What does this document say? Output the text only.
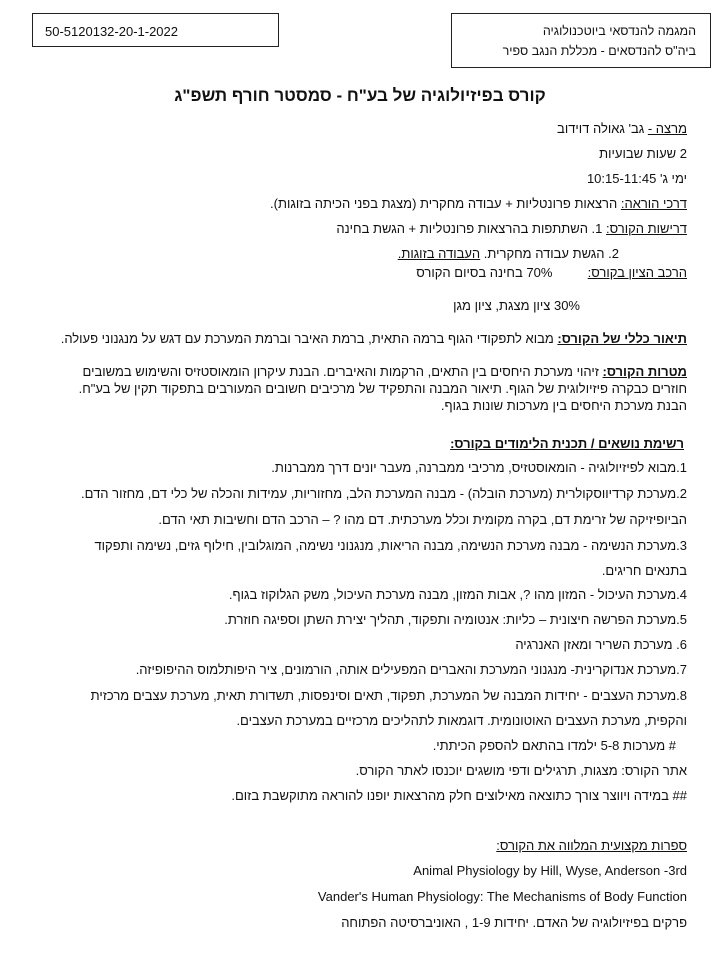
50-5120132-20-1-2022	המגמה להנדסאי ביוטכנולוגיה
ביה"ס להנדסאים - מכללת הנגב ספיר
קורס בפיזיולוגיה של בע"ח - סמסטר חורף תשפ"ג
מרצה - גב' גאולה דוידוב
2 שעות שבועיות
ימי ג' 10:15-11:45
דרכי הוראה: הרצאות פרונטליות + עבודה מחקרית (מצגת בפני הכיתה בזוגות).
דרישות הקורס: 1. השתתפות בהרצאות פרונטליות + הגשת בחינה
2. הגשת עבודה מחקרית. העבודה בזוגות.
הרכב הציון בקורס:  70% בחינה בסיום הקורס
30% ציון מצגת, ציון מגן
תיאור כללי של הקורס: מבוא לתפקודי הגוף ברמה התאית, ברמת האיבר וברמת המערכת עם דגש על מנגנוני פעולה.
מטרות הקורס: זיהוי מערכת היחסים בין התאים, הרקמות והאיברים. הבנת עיקרון הומאוסטזיס והשימוש במשובים
חוזרים כבקרה פיזיולוגית של הגוף. תיאור המבנה והתפקיד של מרכיבים חשובים המעורבים בתפקוד תקין של בע"ח.
הבנת מערכת היחסים בין מערכות שונות בגוף.
רשימת נושאים / תכנית הלימודים בקורס:
1.מבוא לפיזיולוגיה - הומאוסטזיס, מרכיבי ממברנה, מעבר יונים דרך ממברנות.
2.מערכת קרדיווסקולרית (מערכת הובלה) - מבנה המערכת הלב, מחזוריות, עמידות והכלה של כלי דם, מחזור הדם.
הביופיזיקה של זרימת דם, בקרה מקומית וכלל מערכתית. דם מהו ? – הרכב הדם וחשיבות תאי הדם.
3.מערכת הנשימה - מבנה מערכת הנשימה, מבנה הריאות, מנגנוני נשימה, המוגלובין, חילוף גזים, נשימה ותפקוד
בתנאים חריגים.
4.מערכת העיכול - המזון מהו ?, אבות המזון, מבנה מערכת העיכול, משק הגלוקוז בגוף.
5.מערכת הפרשה חיצונית – כליות: אנטומיה ותפקוד, תהליך יצירת השתן וספיגה חוזרת.
6. מערכת השריר ומאזן האנרגיה
7.מערכת אנדוקרינית- מנגנוני המערכת והאברים המפעילים אותה, הורמונים, ציר היפותלמוס ההיפופיזה.
8.מערכת העצבים - יחידות המבנה של המערכת, תפקוד, תאים וסינפסות, תשדורת תאית, מערכת עצבים מרכזית
והקפית, מערכת העצבים האוטונומית. דוגמאות לתהליכים מרכזיים במערכת העצבים.
# מערכות 5-8 ילמדו בהתאם להספק הכיתתי.
אתר הקורס: מצגות, תרגילים ודפי מושגים יוכנסו לאתר הקורס.
## במידה ויווצר צורך כתוצאה מאילוצים חלק מהרצאות יופנו להוראה מתוקשבת בזום.
ספרות מקצועית המלווה את הקורס:
Animal Physiology by Hill, Wyse, Anderson -3rd
Vander's Human Physiology: The Mechanisms of Body Function
פרקים בפיזיולוגיה של האדם. יחידות 1-9 , האוניברסיטה הפתוחה
